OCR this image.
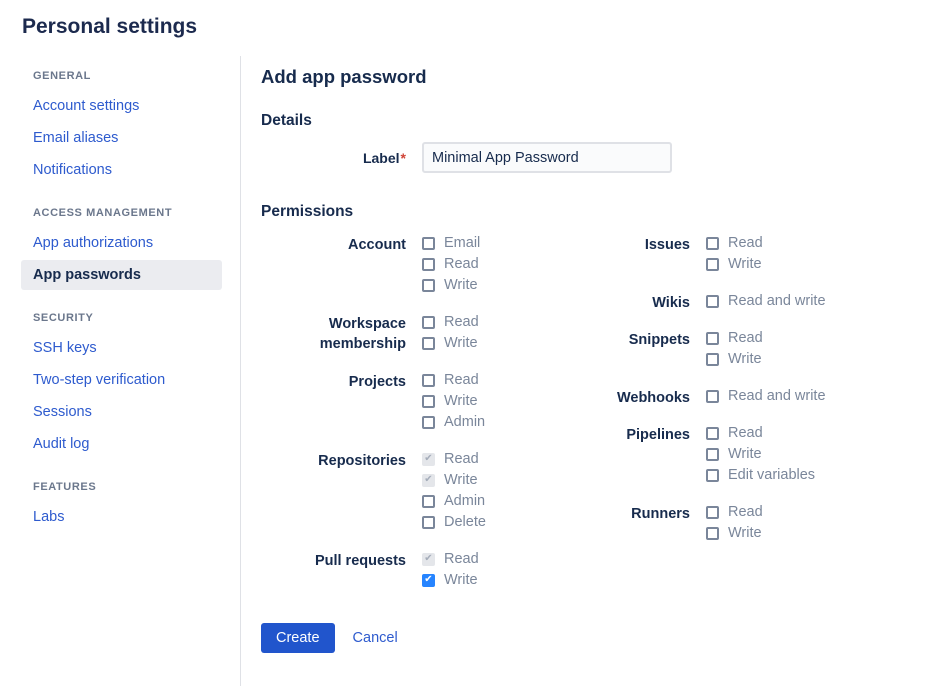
Personal settings
GENERAL
Account settings
Email aliases
Notifications
ACCESS MANAGEMENT
App authorizations
App passwords
SECURITY
SSH keys
Two-step verification
Sessions
Audit log
FEATURES
Labs
Add app password
Details
Label*
Minimal App Password
Permissions
Account	Email
Read
Write
Workspace membership
Read
Write
Projects	Read
Write
Admin
Repositories ✔	Read
✔
Write
Admin
Delete
Pull requests ✔	Read
✔
Write
Issues	Read
Write
Wikis	Read and write
Snippets	Read
Write
Webhooks	Read and write
Pipelines	Read
Write
Edit variables
Runners	Read
Write
Create	Cancel
